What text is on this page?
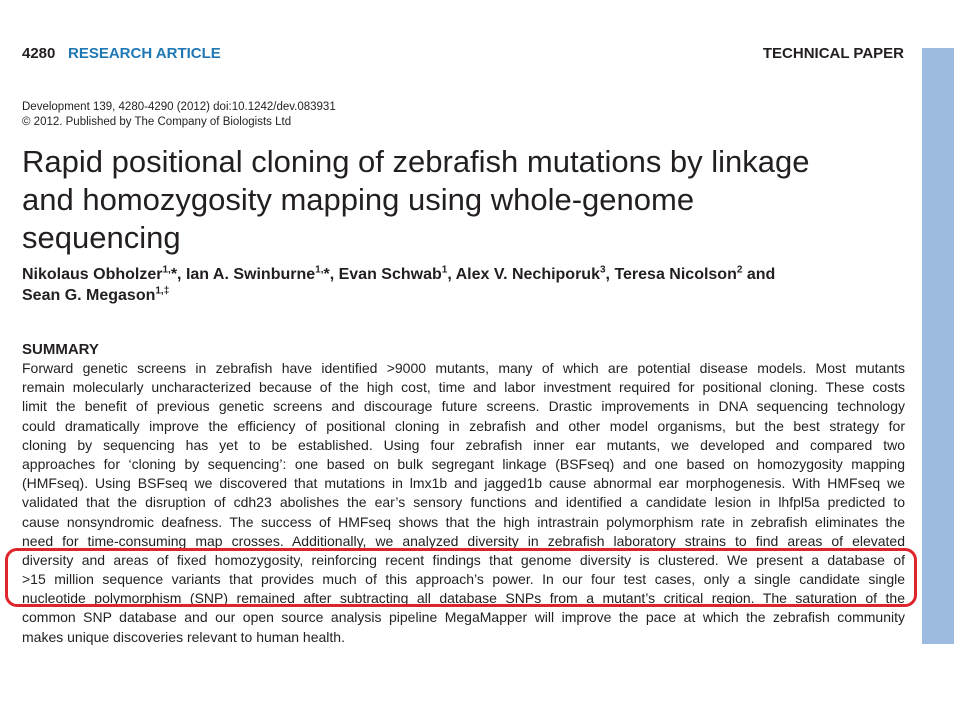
4280 RESEARCH ARTICLE	TECHNICAL PAPER
Development 139, 4280-4290 (2012) doi:10.1242/dev.083931
© 2012. Published by The Company of Biologists Ltd
Rapid positional cloning of zebrafish mutations by linkage
and homozygosity mapping using whole-genome
sequencing
Nikolaus Obholzer$^{1,}$*, Ian A. Swinburne$^{1,}$*, Evan Schwab$^1$, Alex V. Nechiporuk$^3$, Teresa Nicolson$^2$ and
Sean G. Megason$^{1,\ddagger}$
SUMMARY
Forward genetic screens in zebrafish have identified >9000 mutants, many of which are potential disease models. Most mutants
remain molecularly uncharacterized because of the high cost, time and labor investment required for positional cloning. These costs
limit the benefit of previous genetic screens and discourage future screens. Drastic improvements in DNA sequencing technology
could dramatically improve the efficiency of positional cloning in zebrafish and other model organisms, but the best strategy for
cloning by sequencing has yet to be established. Using four zebrafish inner ear mutants, we developed and compared two
approaches for ‘cloning by sequencing’: one based on bulk segregant linkage (BSFseq) and one based on homozygosity mapping
(HMFseq). Using BSFseq we discovered that mutations in lmx1b and jagged1b cause abnormal ear morphogenesis. With HMFseq we
validated that the disruption of cdh23 abolishes the ear’s sensory functions and identified a candidate lesion in lhfpl5a predicted to
cause nonsyndromic deafness. The success of HMFseq shows that the high intrastrain polymorphism rate in zebrafish eliminates the
need for time-consuming map crosses. Additionally, we analyzed diversity in zebrafish laboratory strains to find areas of elevated
diversity and areas of fixed homozygosity, reinforcing recent findings that genome diversity is clustered. We present a database of
>15 million sequence variants that provides much of this approach’s power. In our four test cases, only a single candidate single
nucleotide polymorphism (SNP) remained after subtracting all database SNPs from a mutant’s critical region. The saturation of the
common SNP database and our open source analysis pipeline MegaMapper will improve the pace at which the zebrafish community
makes unique discoveries relevant to human health.
